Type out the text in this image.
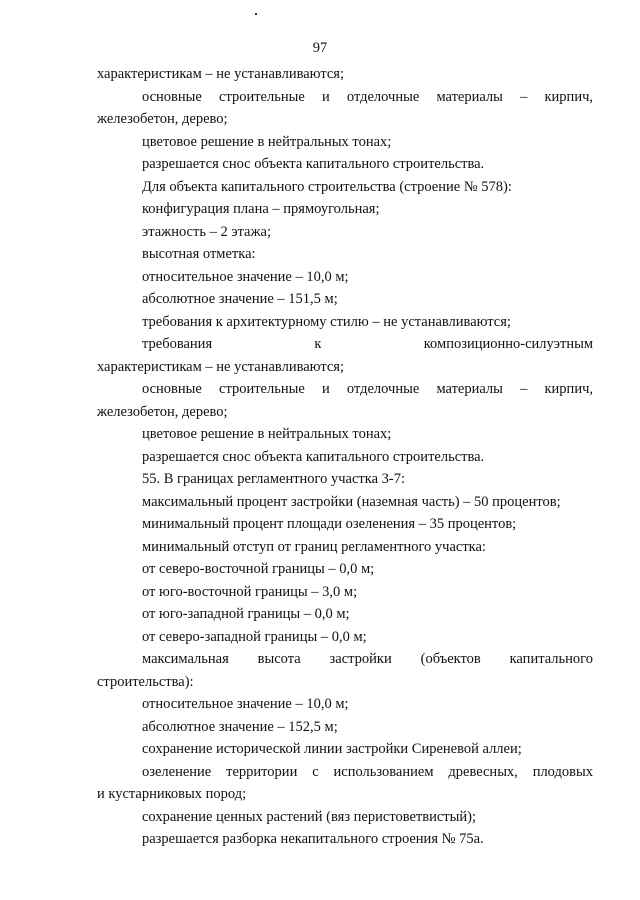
97
характеристикам – не устанавливаются;
основные строительные и отделочные материалы – кирпич,
железобетон, дерево;
цветовое решение в нейтральных тонах;
разрешается снос объекта капитального строительства.
Для объекта капитального строительства (строение № 578):
конфигурация плана – прямоугольная;
этажность – 2 этажа;
высотная отметка:
относительное значение – 10,0 м;
абсолютное значение – 151,5 м;
требования к архитектурному стилю – не устанавливаются;
требования	к	композиционно-силуэтным
характеристикам – не устанавливаются;
основные строительные и отделочные материалы – кирпич,
железобетон, дерево;
цветовое решение в нейтральных тонах;
разрешается снос объекта капитального строительства.
55. В границах регламентного участка 3-7:
максимальный процент застройки (наземная часть) – 50 процентов;
минимальный процент площади озеленения – 35 процентов;
минимальный отступ от границ регламентного участка:
от северо-восточной границы – 0,0 м;
от юго-восточной границы – 3,0 м;
от юго-западной границы – 0,0 м;
от северо-западной границы – 0,0 м;
максимальная высота застройки (объектов капитального
строительства):
относительное значение – 10,0 м;
абсолютное значение – 152,5 м;
сохранение исторической линии застройки Сиреневой аллеи;
озеленение территории с использованием древесных, плодовых
и кустарниковых пород;
сохранение ценных растений (вяз перистоветвистый);
разрешается разборка некапитального строения № 75а.
